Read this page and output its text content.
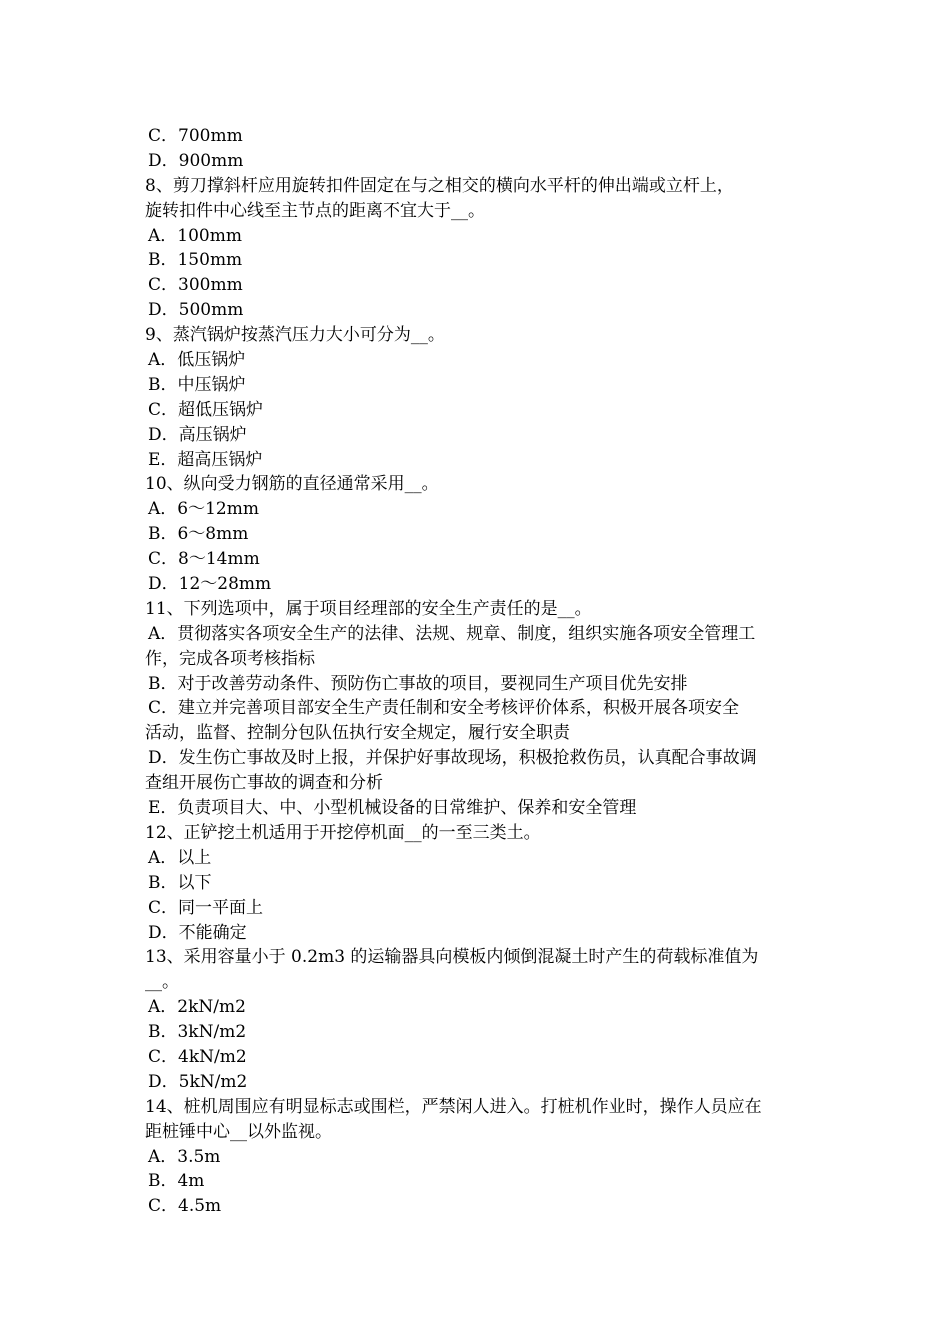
C．700mm
D．900mm
8、剪刀撑斜杆应用旋转扣件固定在与之相交的横向水平杆的伸出端或立杆上，
旋转扣件中心线至主节点的距离不宜大于__。
A．100mm
B．150mm
C．300mm
D．500mm
9、蒸汽锅炉按蒸汽压力大小可分为__。
A．低压锅炉
B．中压锅炉
C．超低压锅炉
D．高压锅炉
E．超高压锅炉
10、纵向受力钢筋的直径通常采用__。
A．6～12mm
B．6～8mm
C．8～14mm
D．12～28mm
11、下列选项中，属于项目经理部的安全生产责任的是__。
A．贯彻落实各项安全生产的法律、法规、规章、制度，组织实施各项安全管理工
作，完成各项考核指标
B．对于改善劳动条件、预防伤亡事故的项目，要视同生产项目优先安排
C．建立并完善项目部安全生产责任制和安全考核评价体系，积极开展各项安全
活动，监督、控制分包队伍执行安全规定，履行安全职责
D．发生伤亡事故及时上报，并保护好事故现场，积极抢救伤员，认真配合事故调
查组开展伤亡事故的调查和分析
E．负责项目大、中、小型机械设备的日常维护、保养和安全管理
12、正铲挖土机适用于开挖停机面__的一至三类土。
A．以上
B．以下
C．同一平面上
D．不能确定
13、采用容量小于 0.2m3 的运输器具向模板内倾倒混凝土时产生的荷载标准值为
__。
A．2kN/m2
B．3kN/m2
C．4kN/m2
D．5kN/m2
14、桩机周围应有明显标志或围栏，严禁闲人进入。打桩机作业时，操作人员应在
距桩锤中心__以外监视。
A．3.5m
B．4m
C．4.5m
